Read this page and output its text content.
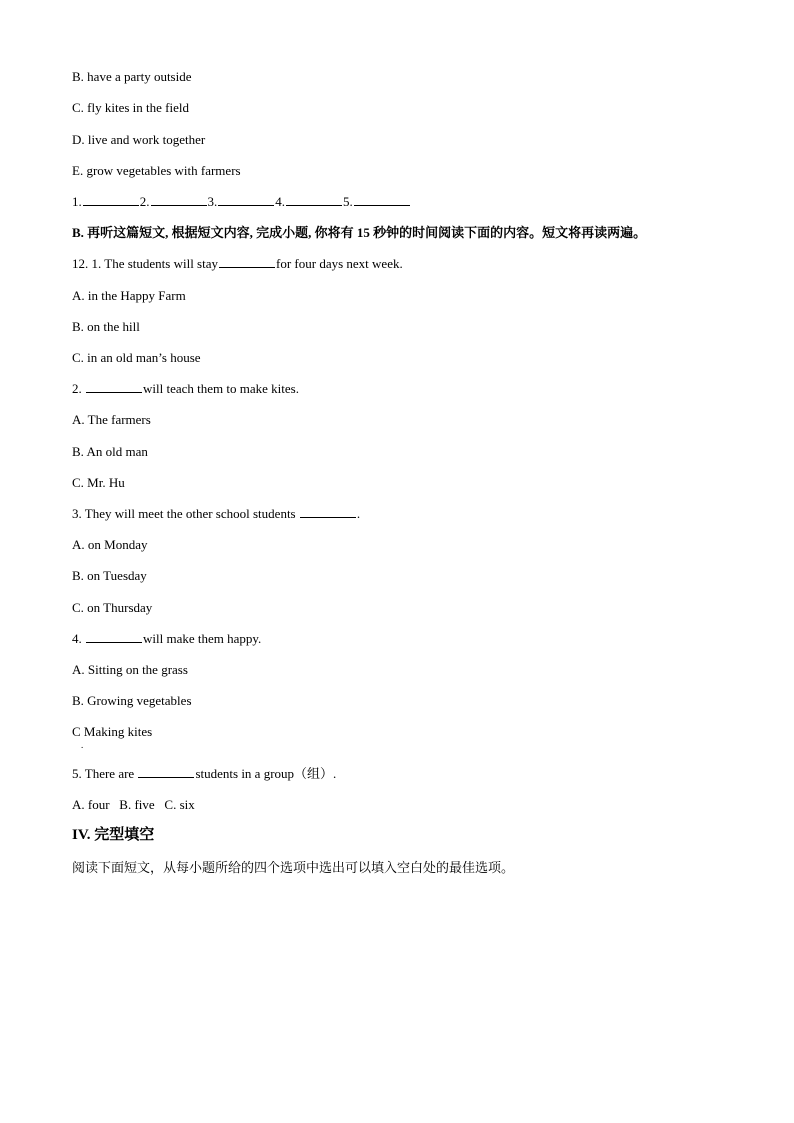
B. have a party outside
C. fly kites in the field
D. live and work together
E. grow vegetables with farmers
1.	2.	3.	4.	5.
B. 再听这篇短文, 根据短文内容, 完成小题, 你将有 15 秒钟的时间阅读下面的内容。短文将再读两遍。
12. 1. The students will stay	for four days next week.
A. in the Happy Farm
B. on the hill
C. in an old man’s house
2.	will teach them to make kites.
A. The farmers
B. An old man
C. Mr. Hu
3. They will meet the other school students	.
A. on Monday
B. on Tuesday
C. on Thursday
4.	will make them happy.
A. Sitting on the grass
B. Growing vegetables
C Making kites
.
5. There are	students in a group（组）.
A. four   B. five   C. six
IV. 完型填空
阅读下面短文，从每小题所给的四个选项中选出可以填入空白处的最佳选项。
